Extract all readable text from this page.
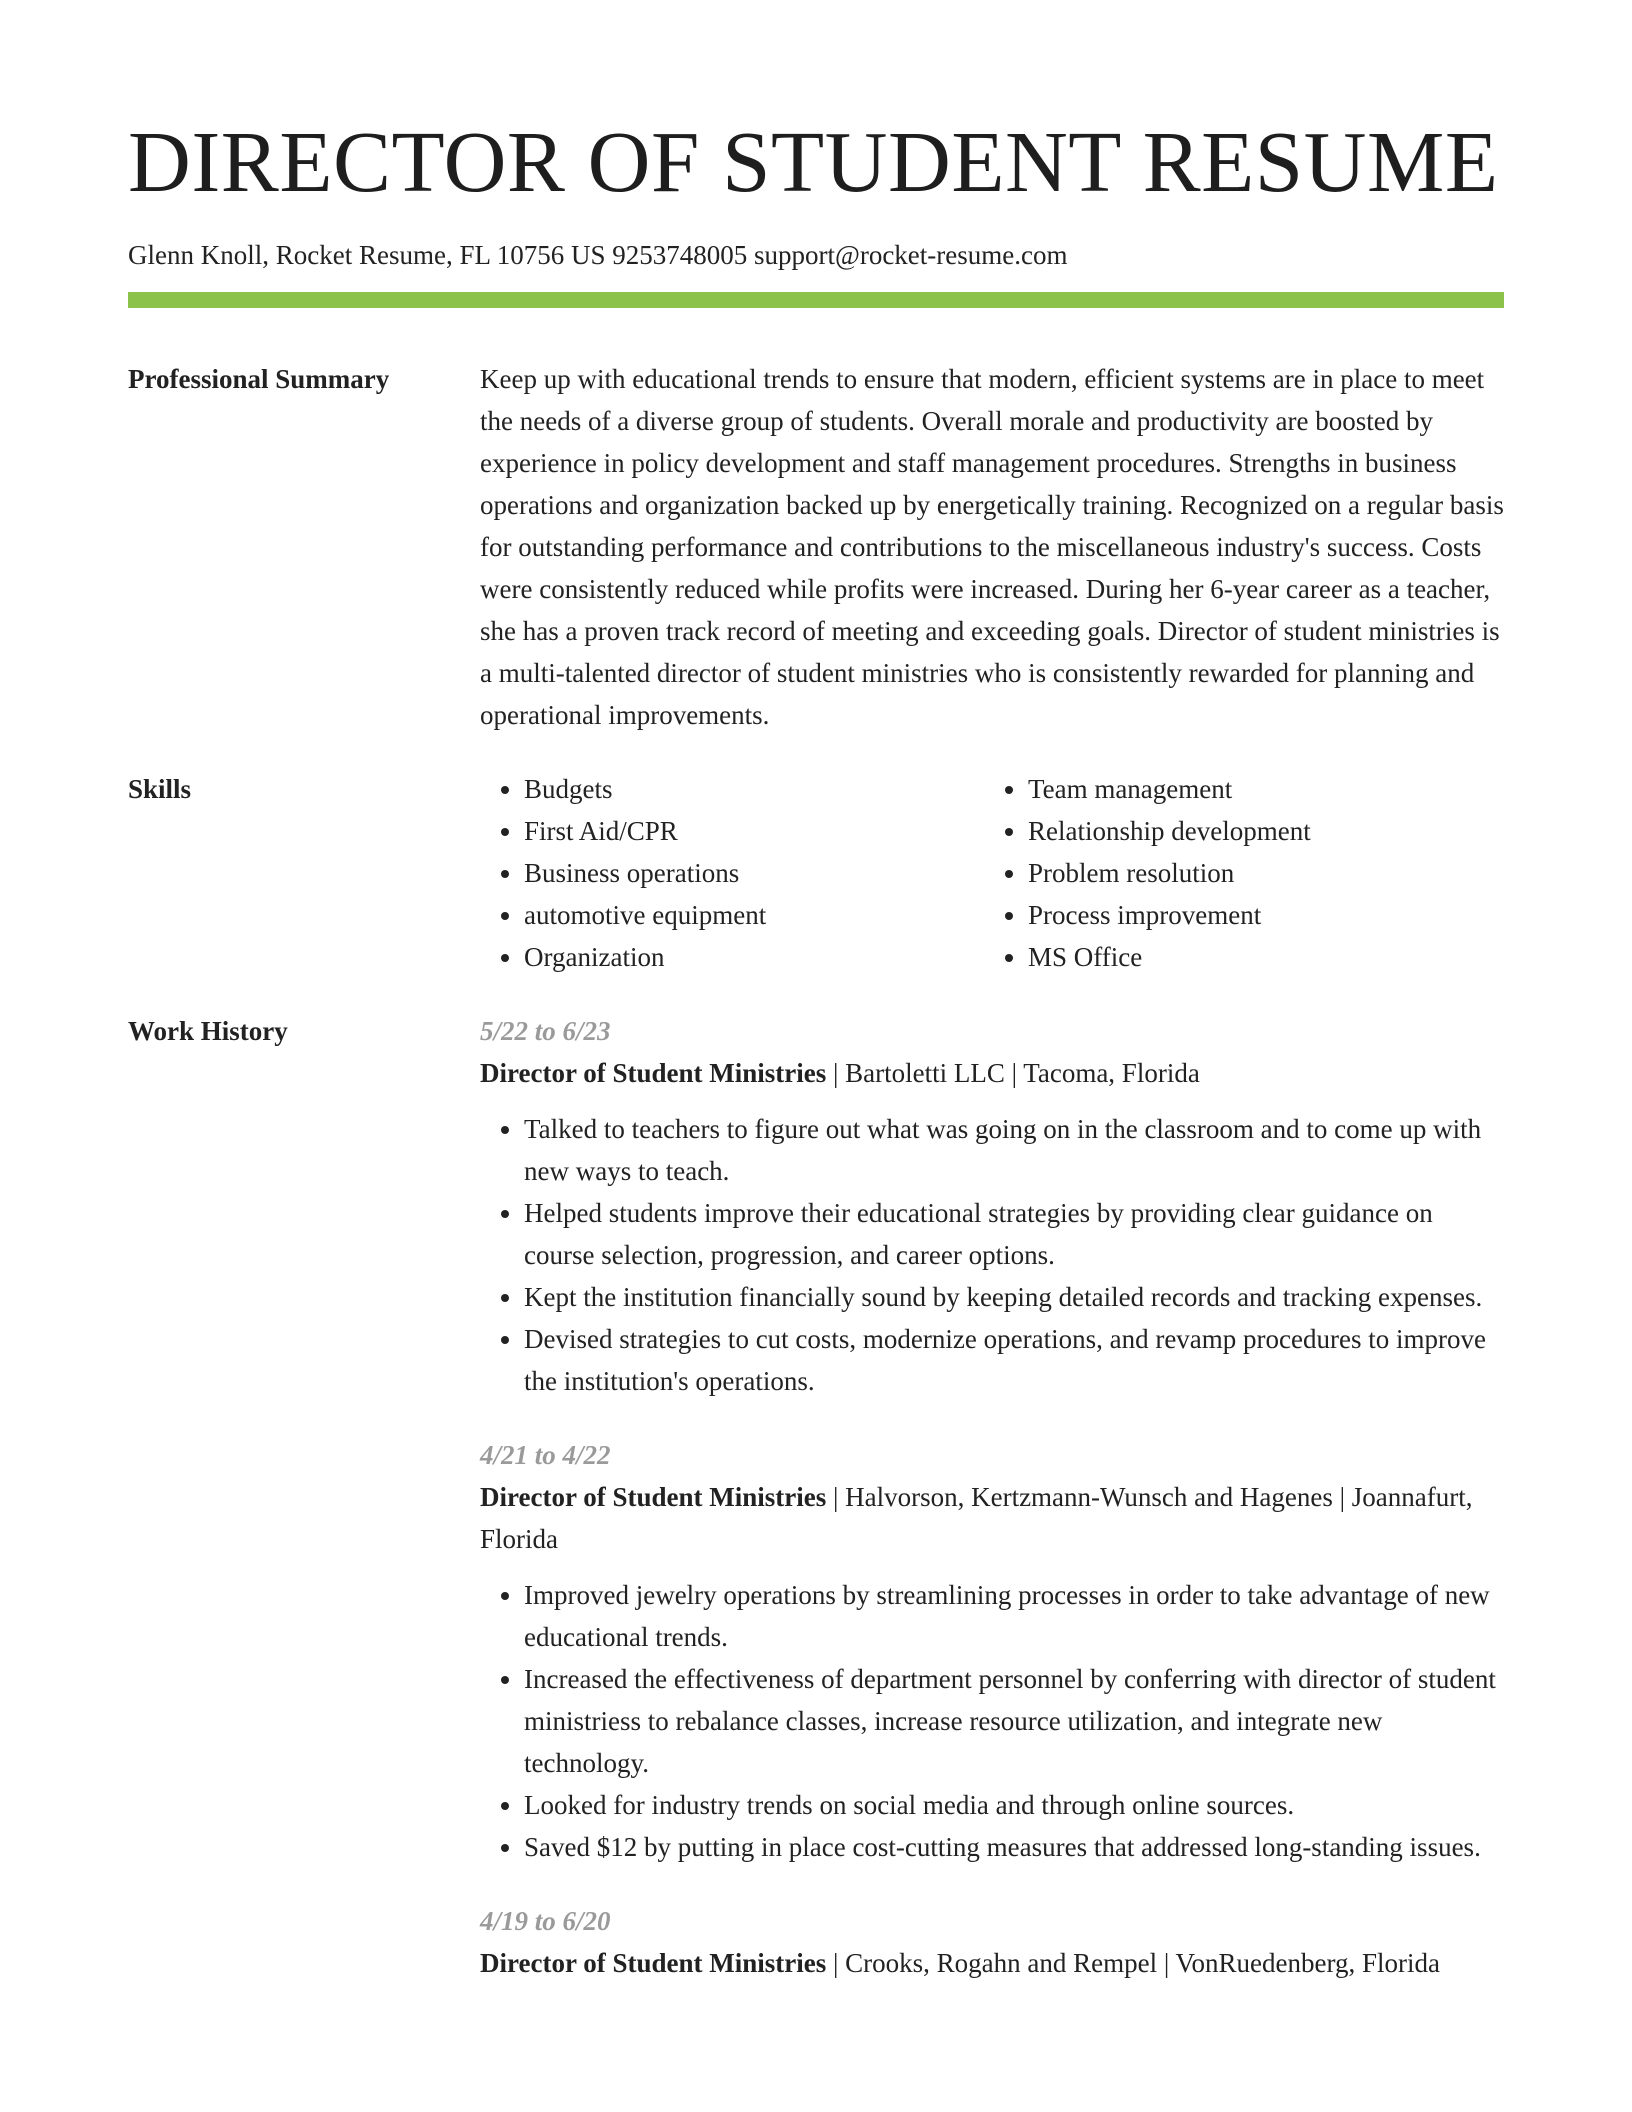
DIRECTOR OF STUDENT RESUME
Glenn Knoll, Rocket Resume, FL 10756 US 9253748005 support@rocket-resume.com
Professional Summary	Keep up with educational trends to ensure that modern, efficient systems are in place to meet the needs of a diverse group of students. Overall morale and productivity are boosted by experience in policy development and staff management procedures. Strengths in business operations and organization backed up by energetically training. Recognized on a regular basis for outstanding performance and contributions to the miscellaneous industry's success. Costs were consistently reduced while profits were increased. During her 6-year career as a teacher, she has a proven track record of meeting and exceeding goals. Director of student ministries is a multi-talented director of student ministries who is consistently rewarded for planning and operational improvements.
Skills
•	Budgets
• First Aid/CPR
• Business operations
• automotive equipment
• Organization
• Team management
• Relationship development
• Problem resolution
• Process improvement
• MS Office
Work History	5/22 to 6/23
Director of Student Ministries | Bartoletti LLC | Tacoma, Florida
• Talked to teachers to figure out what was going on in the classroom and to come up with new ways to teach.
• Helped students improve their educational strategies by providing clear guidance on course selection, progression, and career options.
• Kept the institution financially sound by keeping detailed records and tracking expenses.
• Devised strategies to cut costs, modernize operations, and revamp procedures to improve the institution's operations.
4/21 to 4/22
Director of Student Ministries | Halvorson, Kertzmann-Wunsch and Hagenes | Joannafurt, Florida
• Improved jewelry operations by streamlining processes in order to take advantage of new educational trends.
• Increased the effectiveness of department personnel by conferring with director of student ministriess to rebalance classes, increase resource utilization, and integrate new technology.
• Looked for industry trends on social media and through online sources.
• Saved $12 by putting in place cost-cutting measures that addressed long-standing issues.
4/19 to 6/20
Director of Student Ministries | Crooks, Rogahn and Rempel | VonRuedenberg, Florida
